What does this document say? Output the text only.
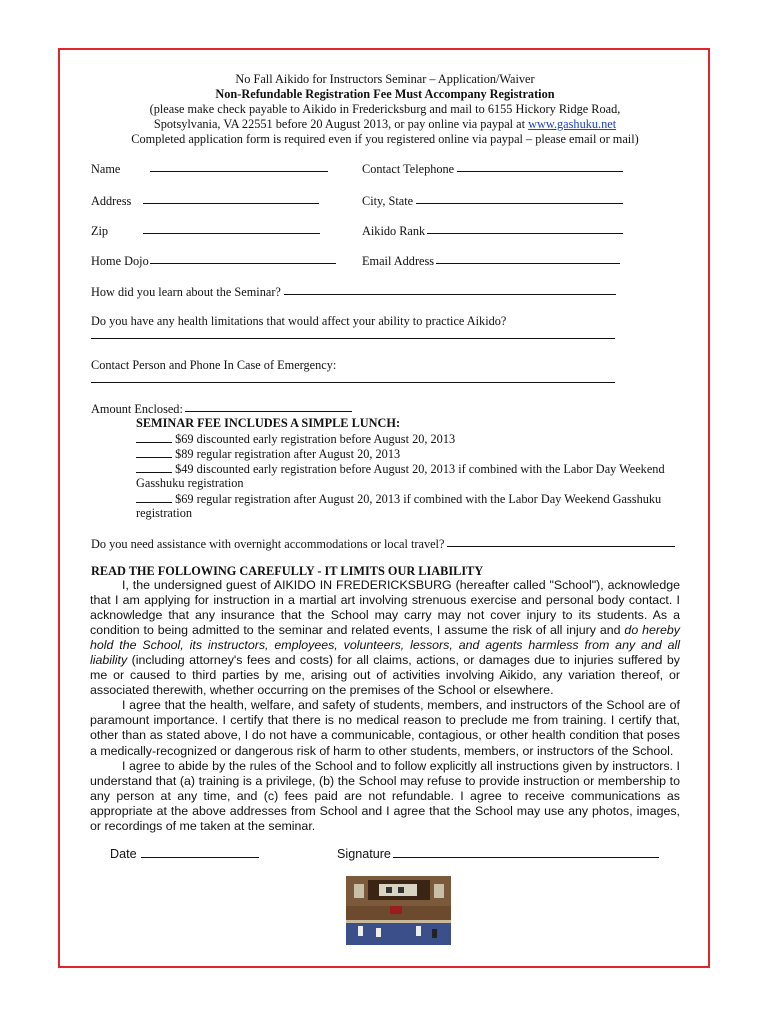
No Fall Aikido for Instructors Seminar – Application/Waiver
Non-Refundable Registration Fee Must Accompany Registration
(please make check payable to Aikido in Fredericksburg and mail to 6155 Hickory Ridge Road,
Spotsylvania, VA 22551 before 20 August 2013, or pay online via paypal at www.gashuku.net
Completed application form is required even if you registered online via paypal – please email or mail)
Name	Contact Telephone
Address	City, State
Zip	Aikido Rank
Home Dojo	Email Address
How did you learn about the Seminar?
Do you have any health limitations that would affect your ability to practice Aikido?
Contact Person and Phone In Case of Emergency:
Amount Enclosed:
SEMINAR FEE INCLUDES A SIMPLE LUNCH:
$69 discounted early registration before August 20, 2013
$89 regular registration after August 20, 2013
$49 discounted early registration before August 20, 2013 if combined with the Labor Day Weekend
Gasshuku registration
$69 regular registration after August 20, 2013 if combined with the Labor Day Weekend Gasshuku
registration
Do you need assistance with overnight accommodations or local travel?
READ THE FOLLOWING CAREFULLY - IT LIMITS OUR LIABILITY

I, the undersigned guest of AIKIDO IN FREDERICKSBURG (hereafter called "School"), acknowledge that I am applying for instruction in a martial art involving strenuous exercise and personal body contact. I acknowledge that any insurance that the School may carry may not cover injury to its students. As a condition to being admitted to the seminar and related events, I assume the risk of all injury and do hereby hold the School, its instructors, employees, volunteers, lessors, and agents harmless from any and all liability (including attorney's fees and costs) for all claims, actions, or damages due to injuries suffered by me or caused to third parties by me, arising out of activities involving Aikido, any variation thereof, or associated therewith, whether occurring on the premises of the School or elsewhere.

I agree that the health, welfare, and safety of students, members, and instructors of the School are of paramount importance. I certify that there is no medical reason to preclude me from training. I certify that, other than as stated above, I do not have a communicable, contagious, or other health condition that poses a medically-recognized or dangerous risk of harm to other students, members, or instructors of the School.

I agree to abide by the rules of the School and to follow explicitly all instructions given by instructors. I understand that (a) training is a privilege, (b) the School may refuse to provide instruction or membership to any person at any time, and (c) fees paid are not refundable. I agree to receive communications as appropriate at the above addresses from School and I agree that the School may use any photos, images, or recordings of me taken at the seminar.

Date	Signature
